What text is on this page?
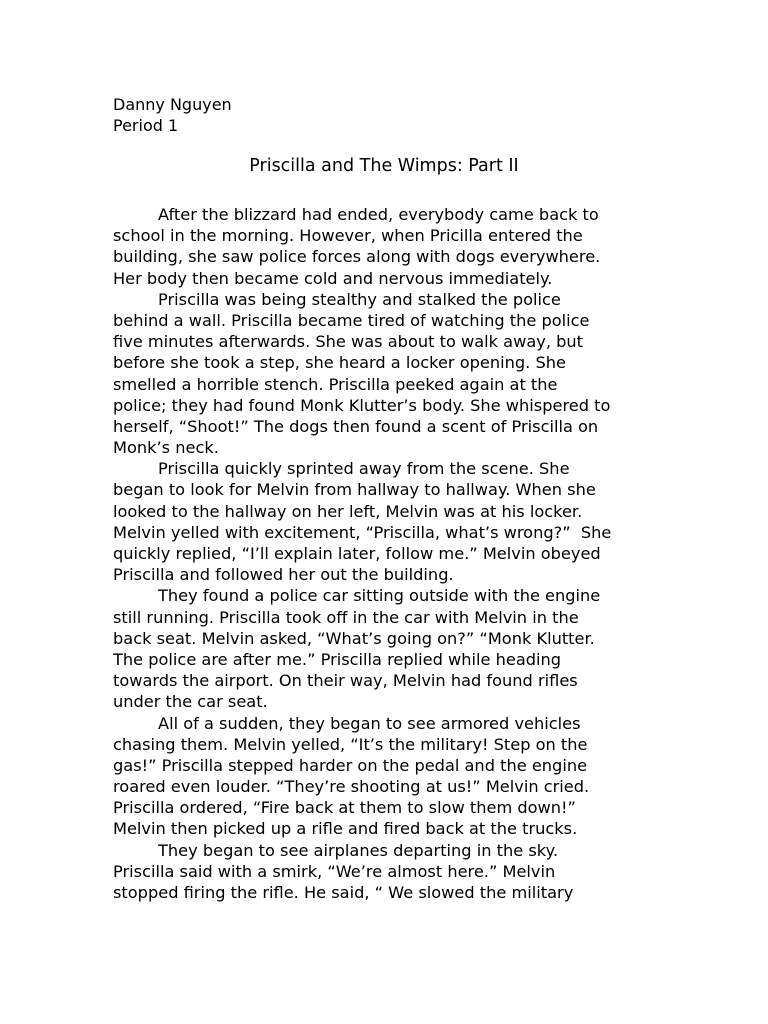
Danny Nguyen
Period 1
Priscilla and The Wimps: Part II
After the blizzard had ended, everybody came back to
school in the morning. However, when Pricilla entered the
building, she saw police forces along with dogs everywhere.
Her body then became cold and nervous immediately.
Priscilla was being stealthy and stalked the police
behind a wall. Priscilla became tired of watching the police
five minutes afterwards. She was about to walk away, but
before she took a step, she heard a locker opening. She
smelled a horrible stench. Priscilla peeked again at the
police; they had found Monk Klutter’s body. She whispered to
herself, “Shoot!” The dogs then found a scent of Priscilla on
Monk’s neck.
Priscilla quickly sprinted away from the scene. She
began to look for Melvin from hallway to hallway. When she
looked to the hallway on her left, Melvin was at his locker.
Melvin yelled with excitement, “Priscilla, what’s wrong?”  She
quickly replied, “I’ll explain later, follow me.” Melvin obeyed
Priscilla and followed her out the building.
They found a police car sitting outside with the engine
still running. Priscilla took off in the car with Melvin in the
back seat. Melvin asked, “What’s going on?” “Monk Klutter.
The police are after me.” Priscilla replied while heading
towards the airport. On their way, Melvin had found rifles
under the car seat.
All of a sudden, they began to see armored vehicles
chasing them. Melvin yelled, “It’s the military! Step on the
gas!” Priscilla stepped harder on the pedal and the engine
roared even louder. “They’re shooting at us!” Melvin cried.
Priscilla ordered, “Fire back at them to slow them down!”
Melvin then picked up a rifle and fired back at the trucks.
They began to see airplanes departing in the sky.
Priscilla said with a smirk, “We’re almost here.” Melvin
stopped firing the rifle. He said, “ We slowed the military
